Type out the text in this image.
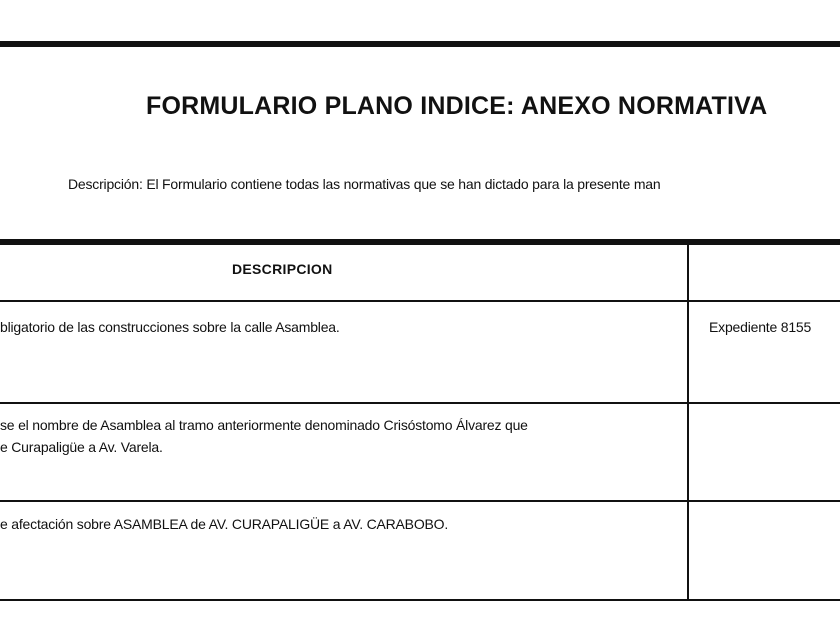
FORMULARIO PLANO INDICE: ANEXO NORMATIVA
Descripción: El Formulario contiene todas las normativas que se han dictado para la presente man
DESCRIPCION
bligatorio de las construcciones sobre la calle Asamblea.	Expediente 8155
se el nombre de Asamblea al tramo anteriormente denominado Crisóstomo Álvarez que
e Curapaligüe a Av. Varela.
e afectación sobre ASAMBLEA de AV. CURAPALIGÜE a AV. CARABOBO.
